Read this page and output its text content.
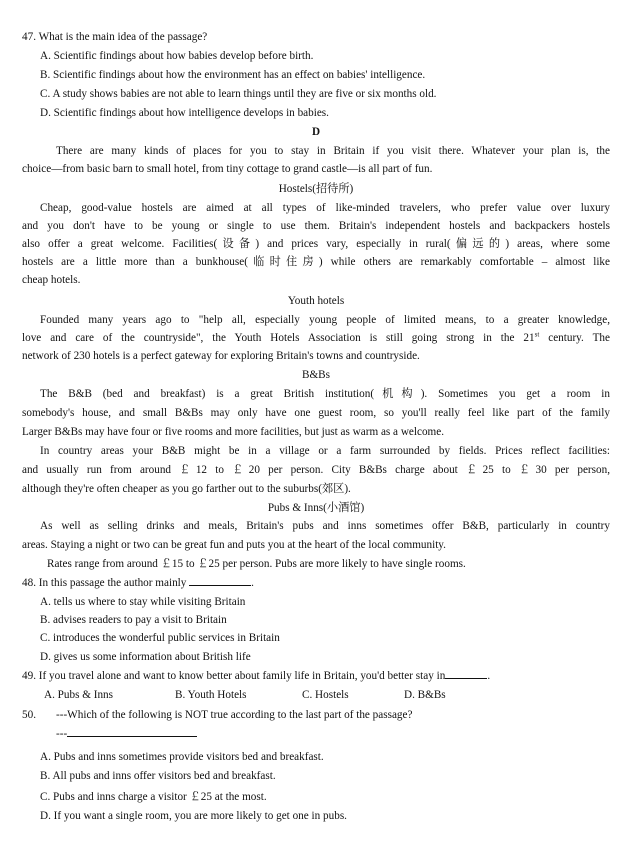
47. What is the main idea of the passage?
A. Scientific findings about how babies develop before birth.
B. Scientific findings about how the environment has an effect on babies' intelligence.
C. A study shows babies are not able to learn things until they are five or six months old.
D. Scientific findings about how intelligence develops in babies.
D
There are many kinds of places for you to stay in Britain if you visit there. Whatever your plan is, the
choice—from basic barn to small hotel, from tiny cottage to grand castle—is all part of fun.
Hostels(招待所)
Cheap, good-value hostels are aimed at all types of like-minded travelers, who prefer value over luxury
and you don't have to be young or single to use them. Britain's independent hostels and backpackers hostels
also offer a great welcome. Facilities(设备) and prices vary, especially in rural(偏远的) areas, where some
hostels are a little more than a bunkhouse(临时住房) while others are remarkably comfortable – almost like
cheap hotels.
Youth hotels
Founded many years ago to "help all, especially young people of limited means, to a greater knowledge,
love and care of the countryside", the Youth Hotels Association is still going strong in the 21st century. The
network of 230 hotels is a perfect gateway for exploring Britain's towns and countryside.
B&Bs
The B&B (bed and breakfast) is a great British institution(机构). Sometimes you get a room in
somebody's house, and small B&Bs may only have one guest room, so you'll really feel like part of the family
Larger B&Bs may have four or five rooms and more facilities, but just as warm as a welcome.
In country areas your B&B might be in a village or a farm surrounded by fields. Prices reflect facilities:
and usually run from around ￡12 to ￡20 per person. City B&Bs charge about ￡25 to ￡30 per person,
although they're often cheaper as you go farther out to the suburbs(郊区).
Pubs & Inns(小酒馆)
As well as selling drinks and meals, Britain's pubs and inns sometimes offer B&B, particularly in country
areas. Staying a night or two can be great fun and puts you at the heart of the local community.
Rates range from around ￡15 to ￡25 per person. Pubs are more likely to have single rooms.
48. In this passage the author mainly	.
A. tells us where to stay while visiting Britain
B. advises readers to pay a visit to Britain
C. introduces the wonderful public services in Britain
D. gives us some information about British life
49. If you travel alone and want to know better about family life in Britain, you'd better stay in	.
A. Pubs & Inns	B. Youth Hotels	C. Hostels	D. B&Bs
50.	---Which of the following is NOT true according to the last part of the passage?
---
A. Pubs and inns sometimes provide visitors bed and breakfast.
B. All pubs and inns offer visitors bed and breakfast.
C. Pubs and inns charge a visitor ￡25 at the most.
D. If you want a single room, you are more likely to get one in pubs.
